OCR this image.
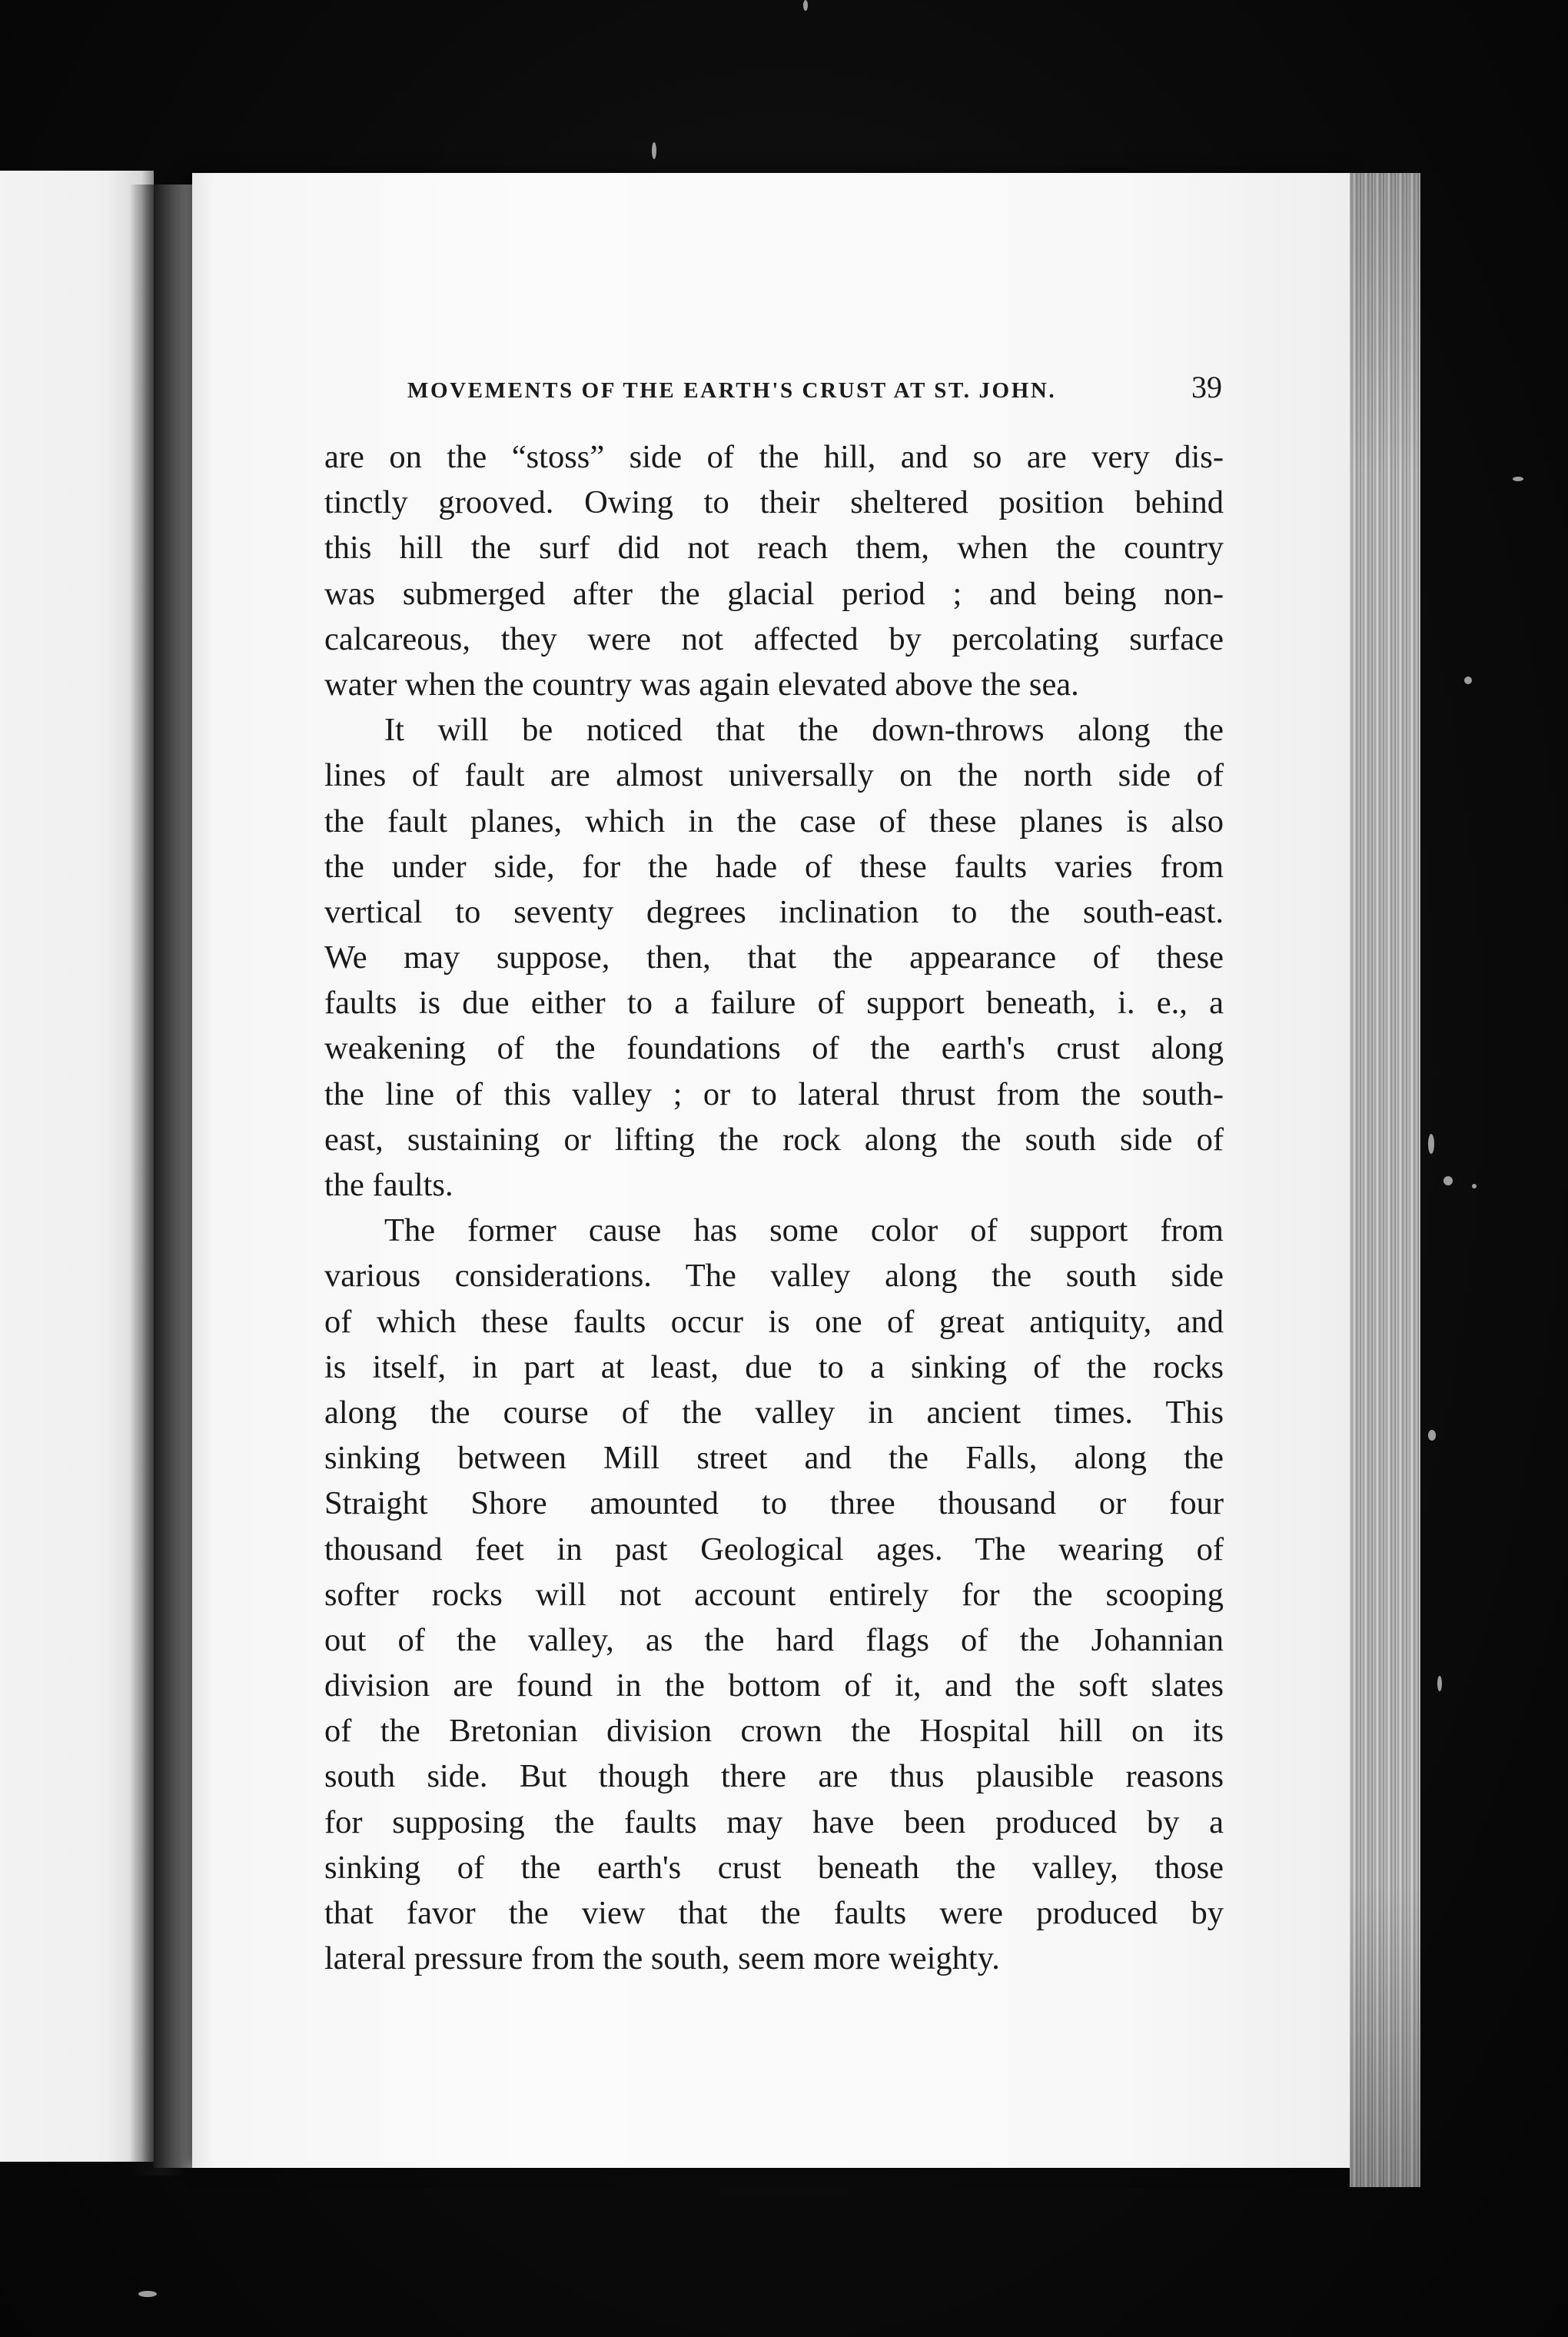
MOVEMENTS OF THE EARTH'S CRUST AT ST. JOHN.	39
are on the “stoss” side of the hill, and so are very dis-
tinctly grooved. Owing to their sheltered position behind
this hill the surf did not reach them, when the country
was submerged after the glacial period ; and being non-
calcareous, they were not affected by percolating surface
water when the country was again elevated above the sea.
It will be noticed that the down-throws along the
lines of fault are almost universally on the north side of
the fault planes, which in the case of these planes is also
the under side, for the hade of these faults varies from
vertical to seventy degrees inclination to the south-east.
We may suppose, then, that the appearance of these
faults is due either to a failure of support beneath, i. e., a
weakening of the foundations of the earth's crust along
the line of this valley ; or to lateral thrust from the south-
east, sustaining or lifting the rock along the south side of
the faults.
The former cause has some color of support from
various considerations. The valley along the south side
of which these faults occur is one of great antiquity, and
is itself, in part at least, due to a sinking of the rocks
along the course of the valley in ancient times. This
sinking between Mill street and the Falls, along the
Straight Shore amounted to three thousand or four
thousand feet in past Geological ages. The wearing of
softer rocks will not account entirely for the scooping
out of the valley, as the hard flags of the Johannian
division are found in the bottom of it, and the soft slates
of the Bretonian division crown the Hospital hill on its
south side. But though there are thus plausible reasons
for supposing the faults may have been produced by a
sinking of the earth's crust beneath the valley, those
that favor the view that the faults were produced by
lateral pressure from the south, seem more weighty.
